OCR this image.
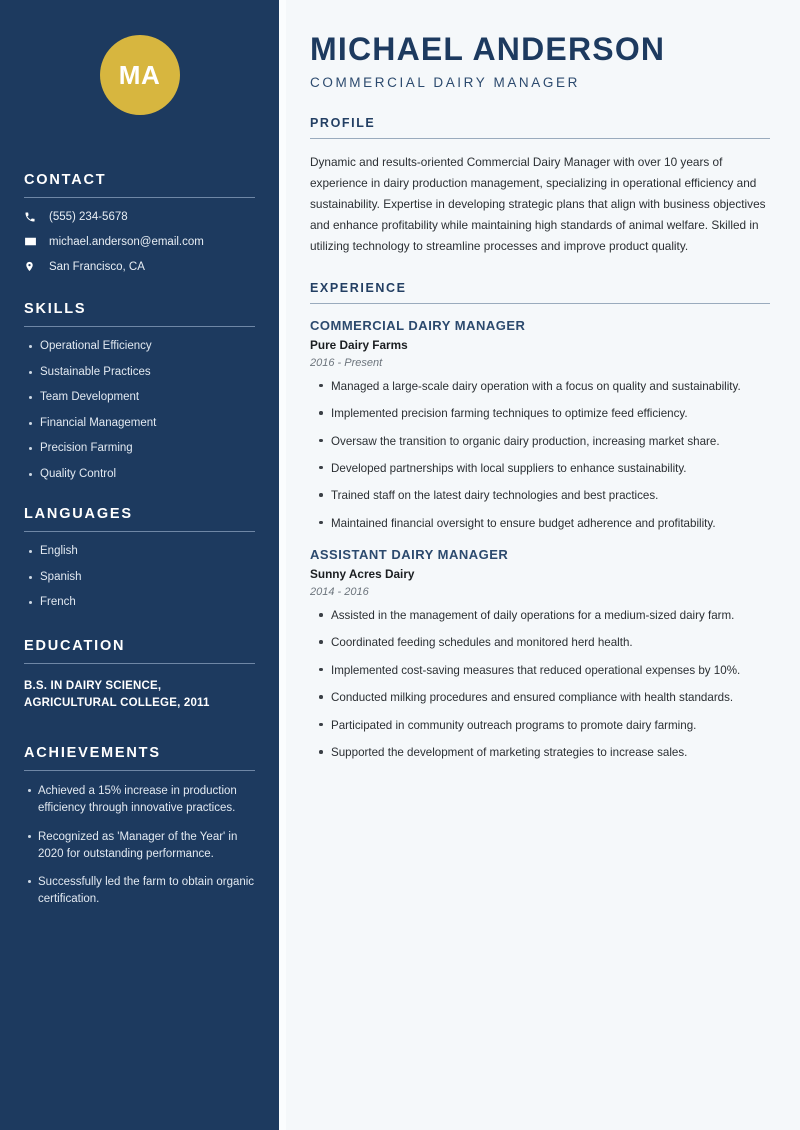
MA
CONTACT
(555) 234-5678
michael.anderson@email.com
San Francisco, CA
SKILLS
Operational Efficiency
Sustainable Practices
Team Development
Financial Management
Precision Farming
Quality Control
LANGUAGES
English
Spanish
French
EDUCATION

B.S. IN DAIRY SCIENCE, AGRICULTURAL COLLEGE, 2011

ACHIEVEMENTS
Achieved a 15% increase in production efficiency through innovative practices.
Recognized as 'Manager of the Year' in 2020 for outstanding performance.
Successfully led the farm to obtain organic certification.
MICHAEL ANDERSON

COMMERCIAL DAIRY MANAGER

PROFILE

Dynamic and results-oriented Commercial Dairy Manager with over 10 years of experience in dairy production management, specializing in operational efficiency and sustainability. Expertise in developing strategic plans that align with business objectives and enhance profitability while maintaining high standards of animal welfare. Skilled in utilizing technology to streamline processes and improve product quality.

EXPERIENCE
COMMERCIAL DAIRY MANAGER

Pure Dairy Farms

2016 - Present

Managed a large-scale dairy operation with a focus on quality and sustainability.
Implemented precision farming techniques to optimize feed efficiency.
Oversaw the transition to organic dairy production, increasing market share.
Developed partnerships with local suppliers to enhance sustainability.
Trained staff on the latest dairy technologies and best practices.
Maintained financial oversight to ensure budget adherence and profitability.
ASSISTANT DAIRY MANAGER

Sunny Acres Dairy

2014 - 2016

Assisted in the management of daily operations for a medium-sized dairy farm.
Coordinated feeding schedules and monitored herd health.
Implemented cost-saving measures that reduced operational expenses by 10%.
Conducted milking procedures and ensured compliance with health standards.
Participated in community outreach programs to promote dairy farming.
Supported the development of marketing strategies to increase sales.
